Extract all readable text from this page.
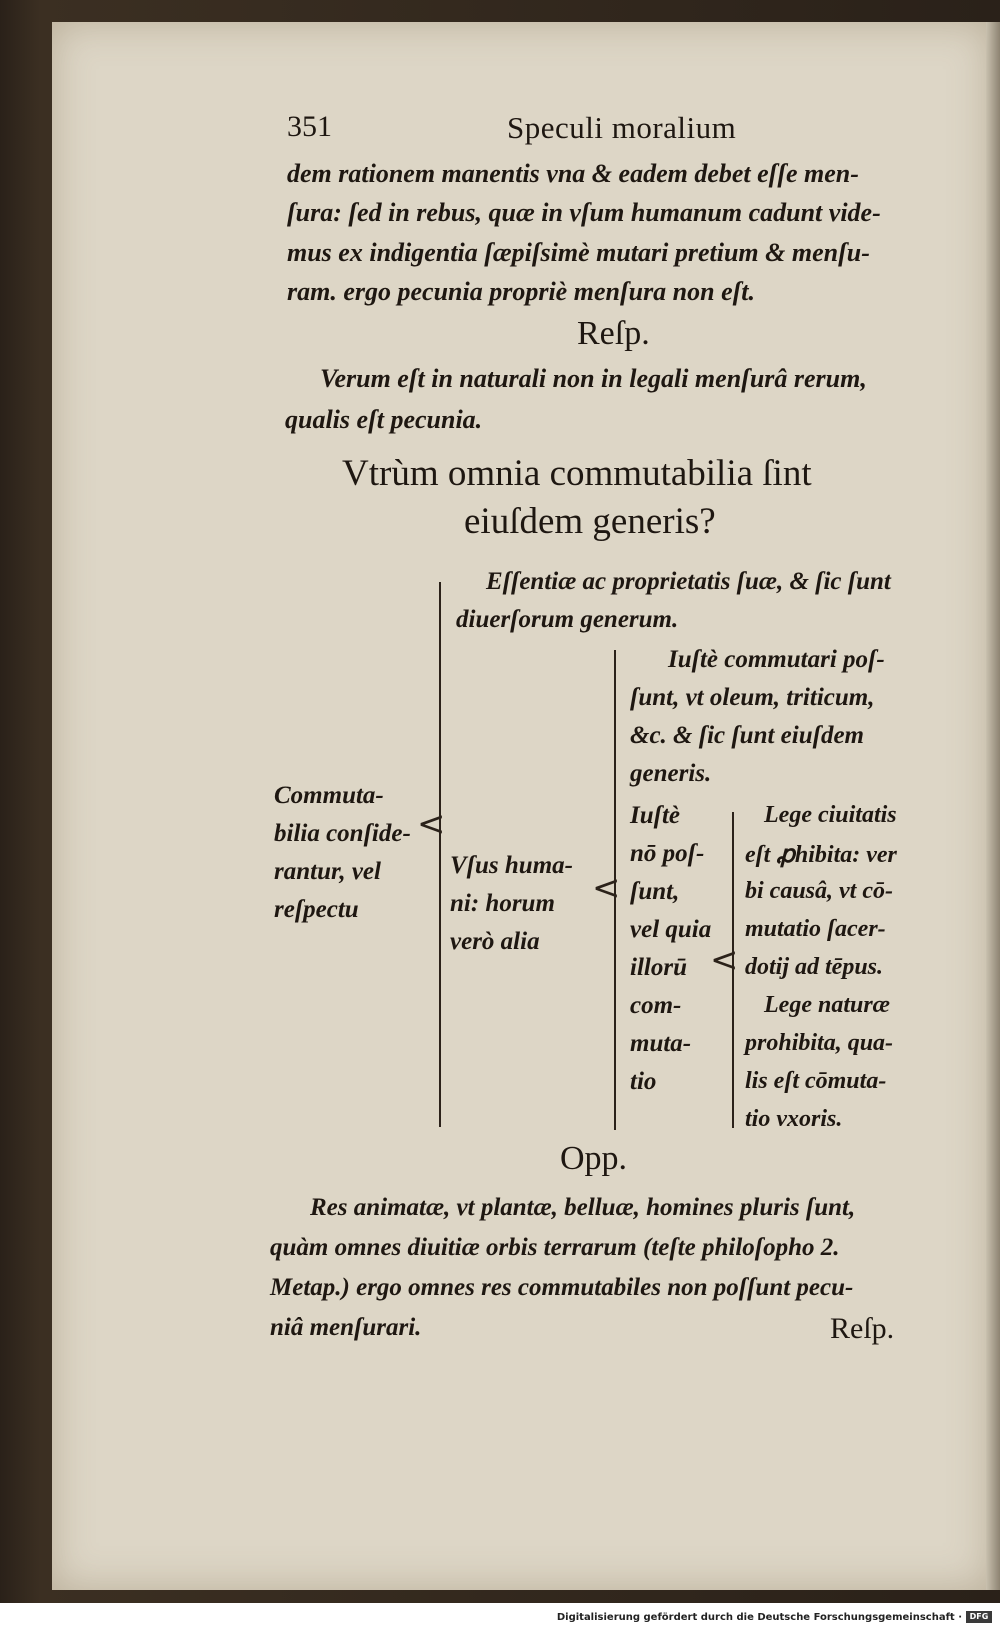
351	Speculi moralium
dem rationem manentis vna & eadem debet eſſe men-
ſura: ſed in rebus, quæ in vſum humanum cadunt vide-
mus ex indigentia ſæpiſsimè mutari pretium & menſu-
ram. ergo pecunia propriè menſura non eſt.
Reſp.
Verum eſt in naturali non in legali menſurâ rerum,
qualis eſt pecunia.
Vtrùm omnia commutabilia ſint
eiuſdem generis?
Commuta-
bilia conſide-
rantur, vel
reſpectu
<
Eſſentiæ ac proprietatis ſuæ, & ſic ſunt
diuerſorum generum.
Vſus huma-
ni: horum
verò alia
<
Iuſtè commutari poſ-
ſunt, vt oleum, triticum,
&c. & ſic ſunt eiuſdem
generis.
Iuſtè
nō poſ-
ſunt,
vel quia
illorū
com-
muta-
tio
<
Lege ciuitatis
eſt ꝓhibita: ver
bi causâ, vt cō-
mutatio ſacer-
dotij ad tēpus.
Lege naturæ
prohibita, qua-
lis eſt cōmuta-
tio vxoris.
Opp.
Res animatæ, vt plantæ, belluæ, homines pluris ſunt,
quàm omnes diuitiæ orbis terrarum (teſte philoſopho 2.
Metap.) ergo omnes res commutabiles non poſſunt pecu-
niâ menſurari.	Reſp.
Digitalisierung gefördert durch die Deutsche Forschungsgemeinschaft · DFG
